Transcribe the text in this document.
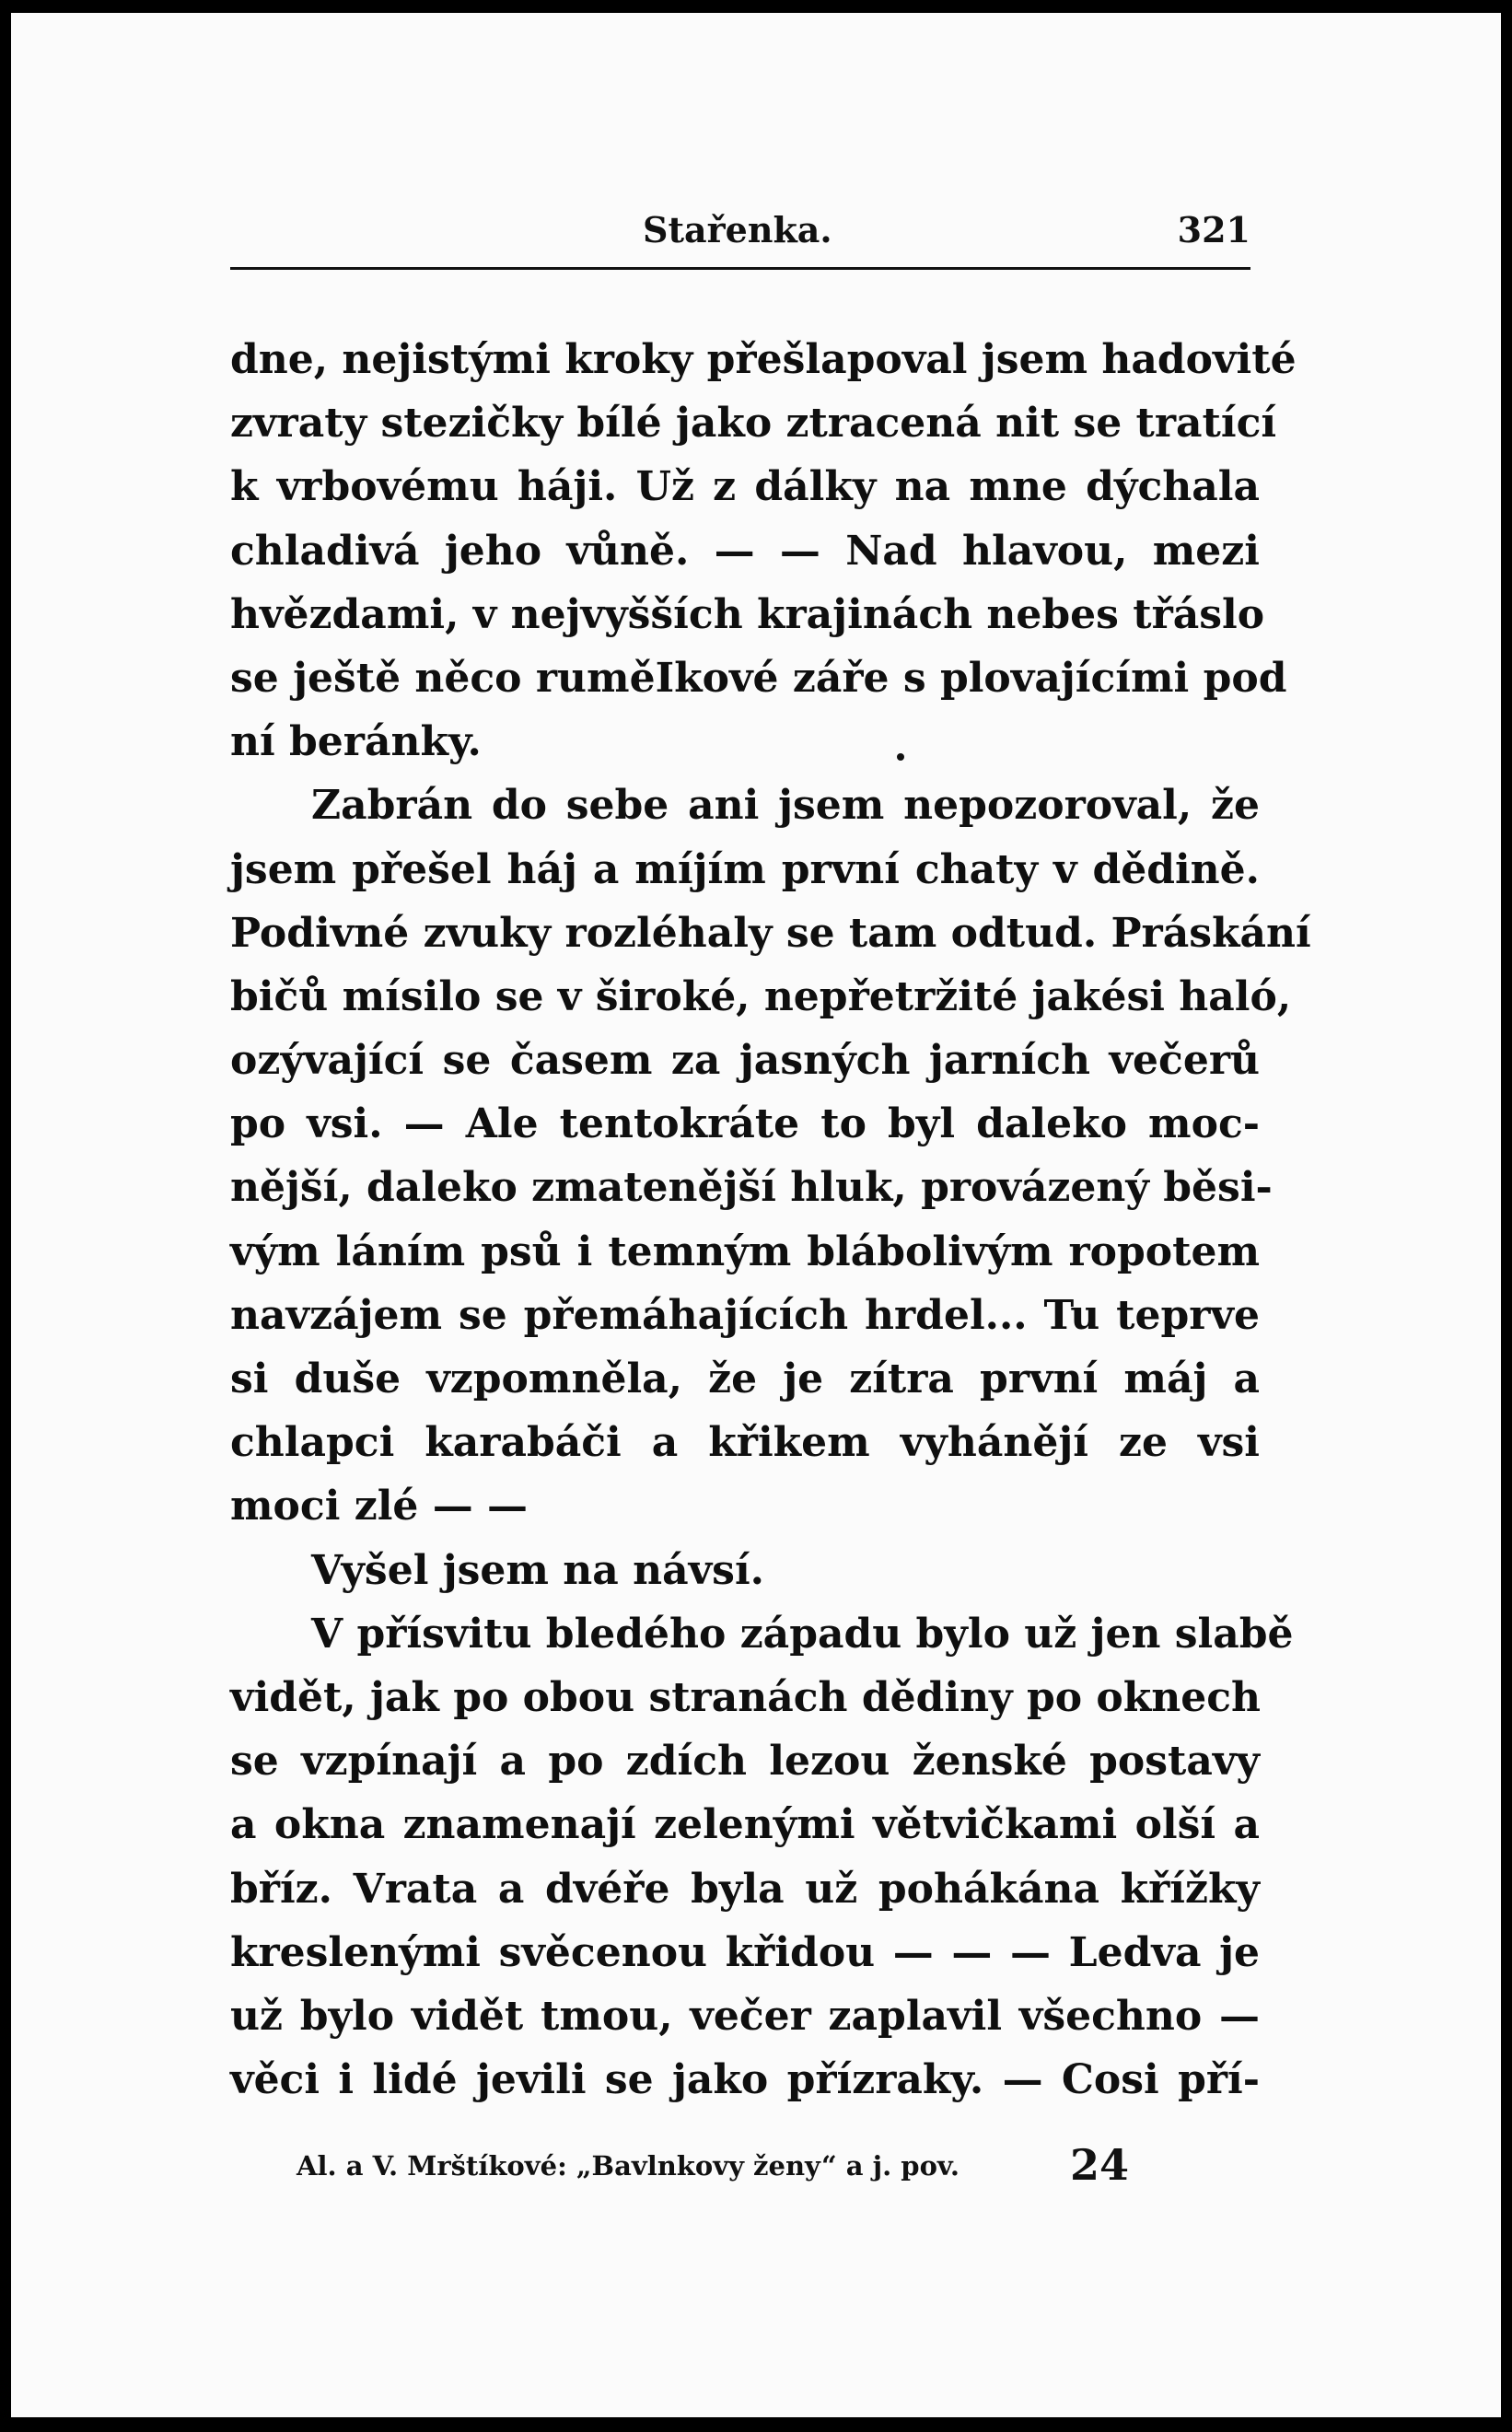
Stařenka.	321
dne, nejistými kroky přešlapoval jsem hadovité
zvraty stezičky bílé jako ztracená nit se tratící
k vrbovému háji. Už z dálky na mne dýchala
chladivá jeho vůně. — — Nad hlavou, mezi
hvězdami, v nejvyšších krajinách nebes třáslo
se ještě něco ruměIkové záře s plovajícími pod
ní beránky.
Zabrán do sebe ani jsem nepozoroval, že
jsem přešel háj a míjím první chaty v dědině.
Podivné zvuky rozléhaly se tam odtud. Práskání
bičů mísilo se v široké, nepřetržité jakési haló,
ozývající se časem za jasných jarních večerů
po vsi. — Ale tentokráte to byl daleko moc-
nější, daleko zmatenější hluk, provázený běsi-
vým láním psů i temným blábolivým ropotem
navzájem se přemáhajících hrdel... Tu teprve
si duše vzpomněla, že je zítra první máj a
chlapci karabáči a křikem vyhánějí ze vsi
moci zlé — —
Vyšel jsem na návsí.
V přísvitu bledého západu bylo už jen slabě
vidět, jak po obou stranách dědiny po oknech
se vzpínají a po zdích lezou ženské postavy
a okna znamenají zelenými větvičkami olší a
bříz. Vrata a dvéře byla už pohákána křížky
kreslenými svěcenou křidou — — — Ledva je
už bylo vidět tmou, večer zaplavil všechno —
věci i lidé jevili se jako přízraky. — Cosi pří-
Al. a V. Mrštíkové: „Bavlnkovy ženy“ a j. pov.	24
